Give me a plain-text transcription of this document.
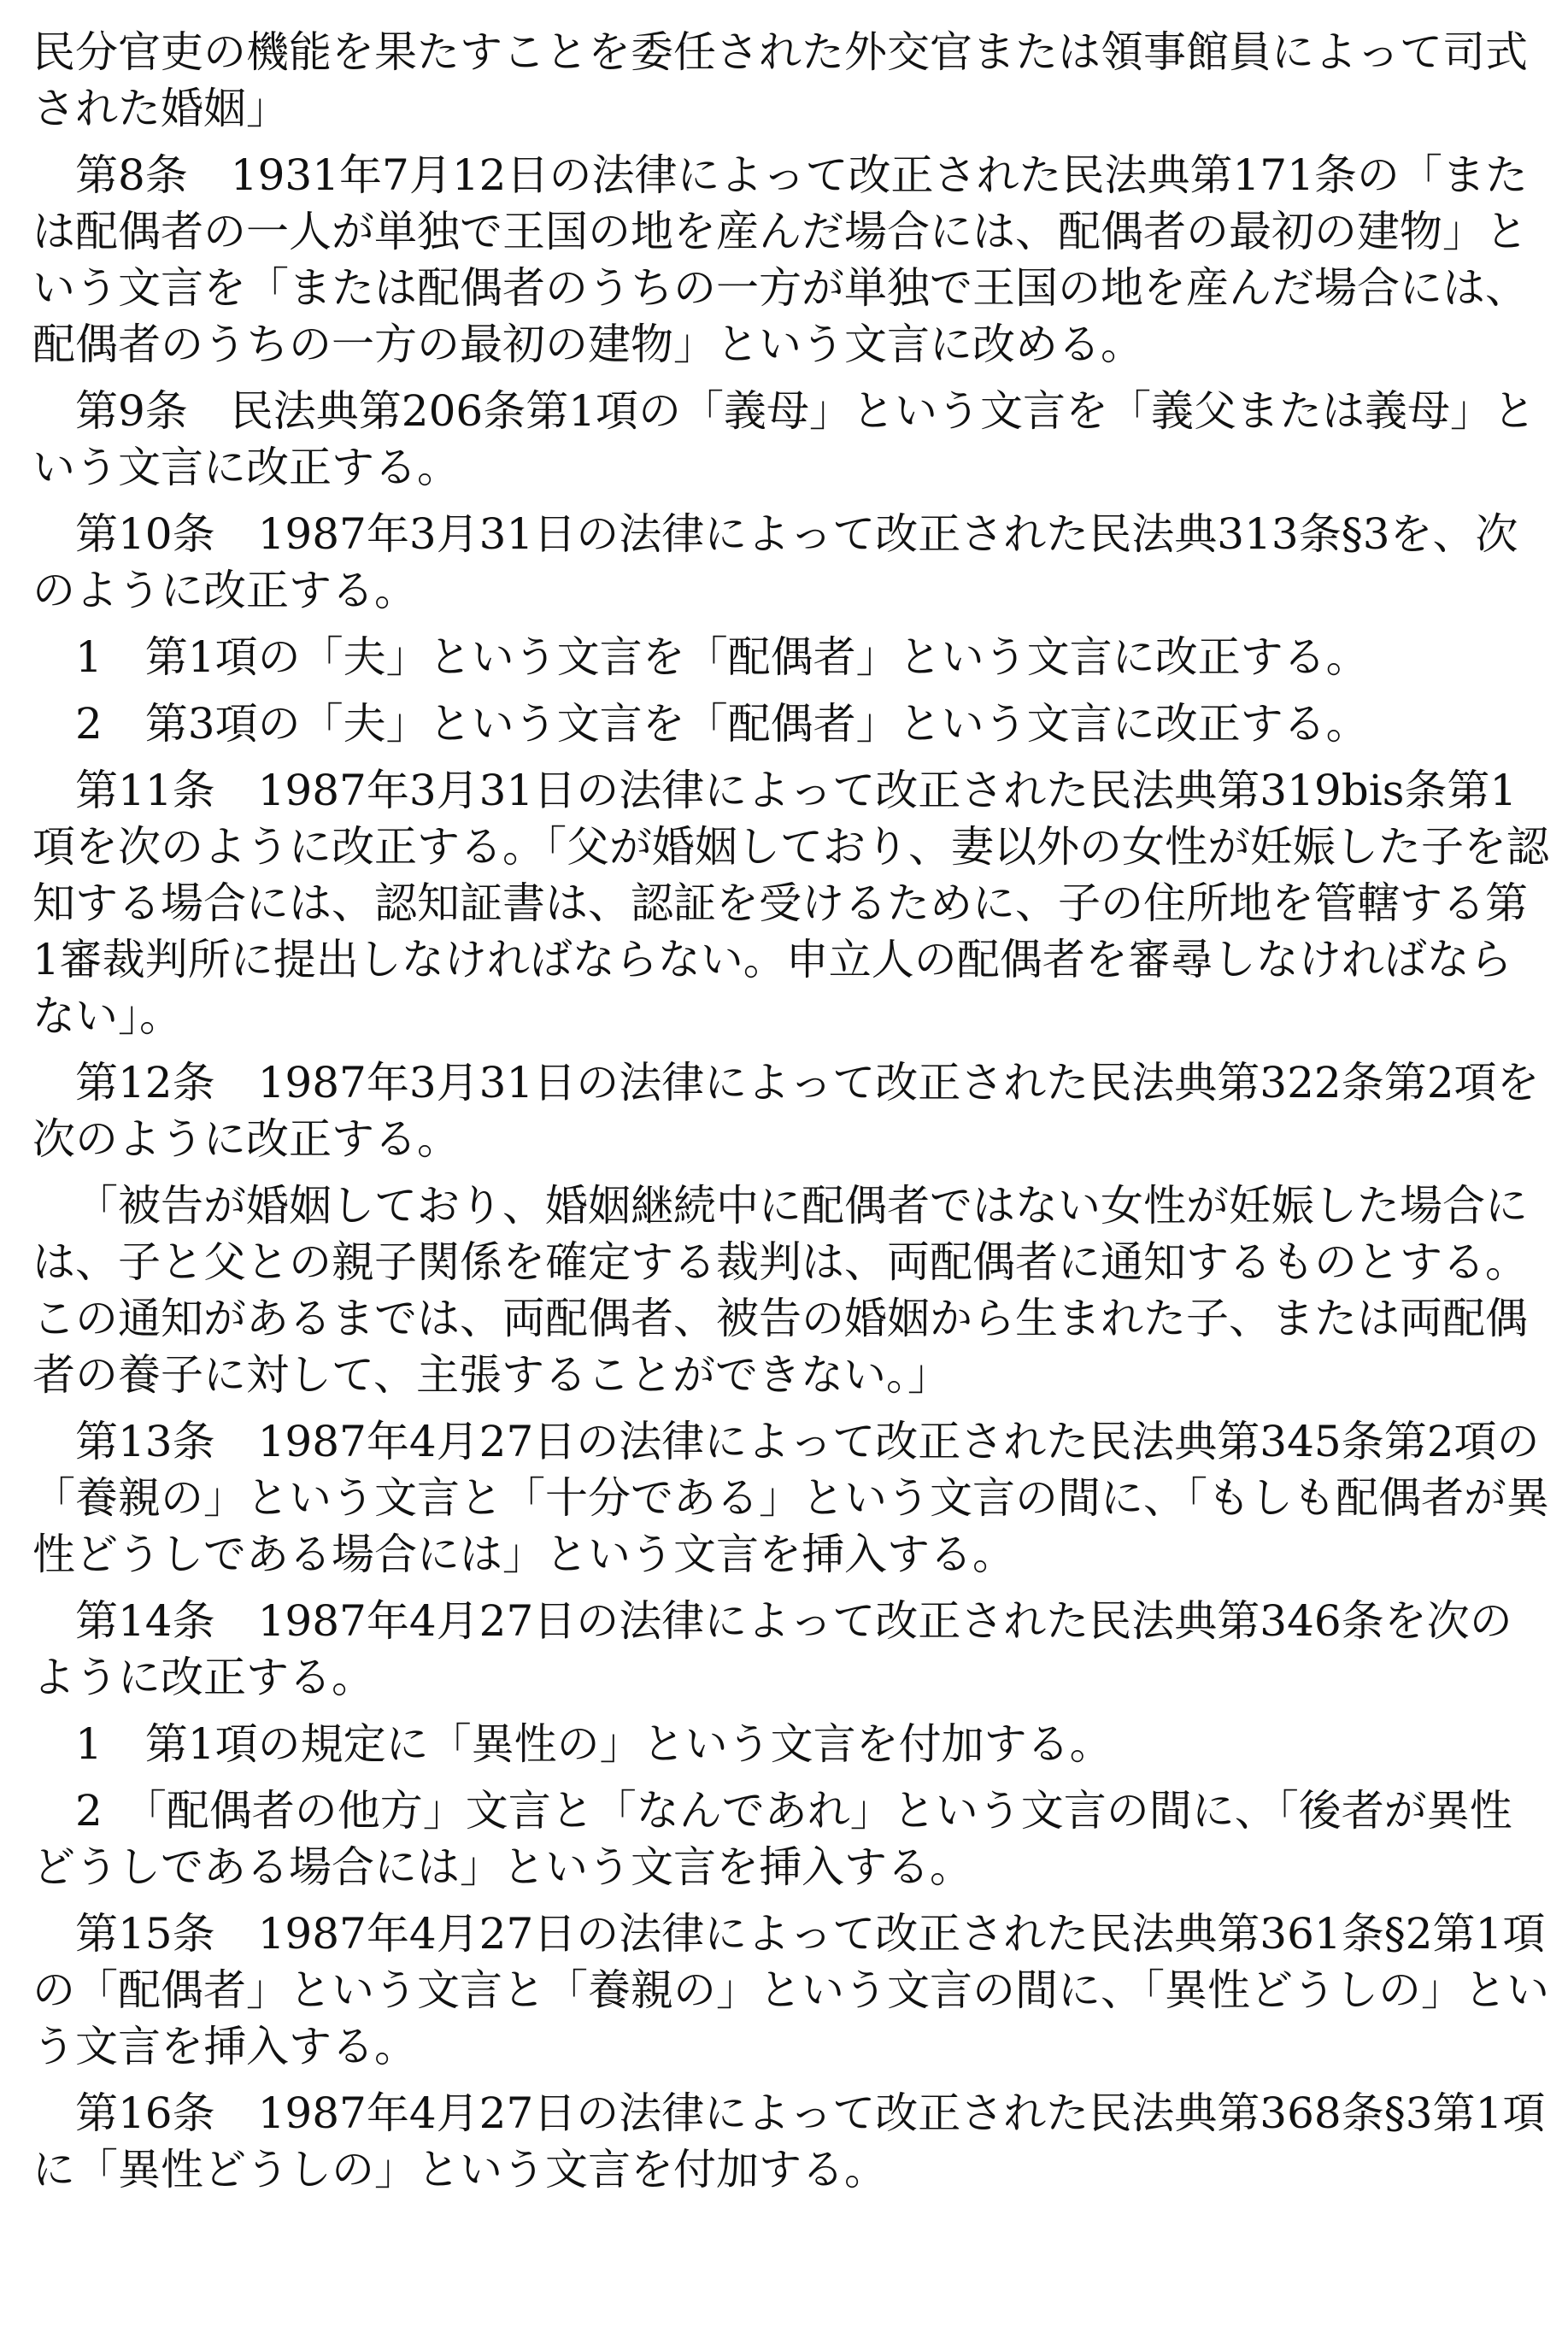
民分官吏の機能を果たすことを委任された外交官または領事館員によって司式された婚姻」

第8条　1931年7月12日の法律によって改正された民法典第171条の「または配偶者の一人が単独で王国の地を産んだ場合には、配偶者の最初の建物」という文言を「または配偶者のうちの一方が単独で王国の地を産んだ場合には、配偶者のうちの一方の最初の建物」という文言に改める。

第9条　民法典第206条第1項の「義母」という文言を「義父または義母」という文言に改正する。

第10条　1987年3月31日の法律によって改正された民法典313条§3を、次のように改正する。

1　第1項の「夫」という文言を「配偶者」という文言に改正する。

2　第3項の「夫」という文言を「配偶者」という文言に改正する。

第11条　1987年3月31日の法律によって改正された民法典第319bis条第1項を次のように改正する。「父が婚姻しており、妻以外の女性が妊娠した子を認知する場合には、認知証書は、認証を受けるために、子の住所地を管轄する第1審裁判所に提出しなければならない。申立人の配偶者を審尋しなければならない」。

第12条　1987年3月31日の法律によって改正された民法典第322条第2項を次のように改正する。

「被告が婚姻しており、婚姻継続中に配偶者ではない女性が妊娠した場合には、子と父との親子関係を確定する裁判は、両配偶者に通知するものとする。この通知があるまでは、両配偶者、被告の婚姻から生まれた子、または両配偶者の養子に対して、主張することができない。」

第13条　1987年4月27日の法律によって改正された民法典第345条第2項の「養親の」という文言と「十分である」という文言の間に、「もしも配偶者が異性どうしである場合には」という文言を挿入する。

第14条　1987年4月27日の法律によって改正された民法典第346条を次のように改正する。

1　第1項の規定に「異性の」という文言を付加する。

2　「配偶者の他方」文言と「なんであれ」という文言の間に、「後者が異性どうしである場合には」という文言を挿入する。

第15条　1987年4月27日の法律によって改正された民法典第361条§2第1項の「配偶者」という文言と「養親の」という文言の間に、「異性どうしの」という文言を挿入する。

第16条　1987年4月27日の法律によって改正された民法典第368条§3第1項に「異性どうしの」という文言を付加する。
